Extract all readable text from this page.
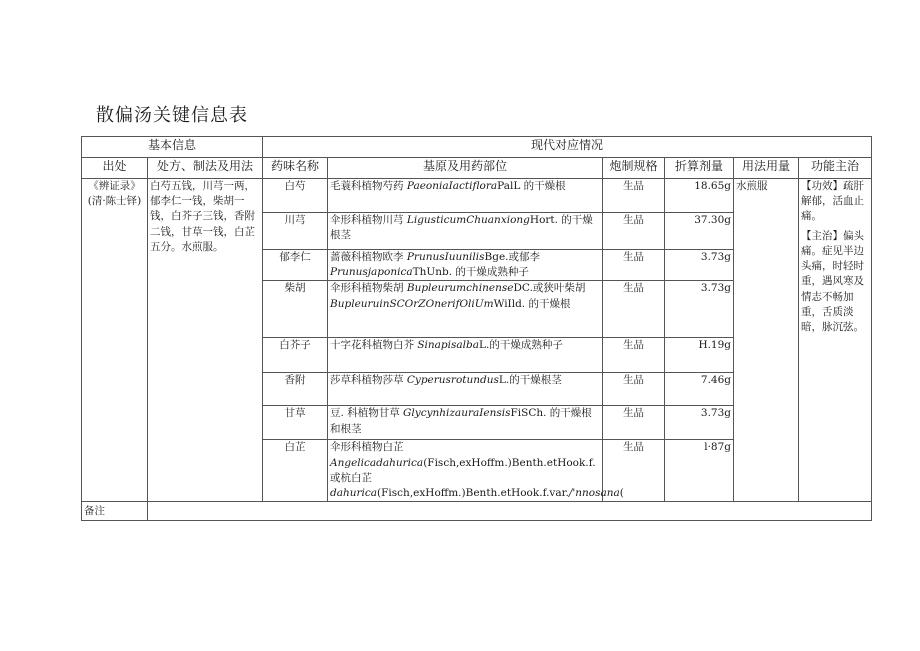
散偏汤关键信息表
基本信息		现代对应情况					
出处	处方、制法及用法	药味名称	基原及用药部位	炮制规格	折算剂量	用法用量	功能主治
《辨证录》(清·陈士铎)	白芍五钱，川芎一两，郁李仁一钱，柴胡一钱，白芥子三钱，香附二钱，甘草一钱，白芷五分。水煎服。	白芍	毛蓑科植物芍药 PaeoniaIactifloraPalL 的干燥根	生品	18.65g	水煎服	【功效】疏肝解郁，活血止痛。

【主治】偏头痛。症见半边头痛，时轻时重，遇风寒及情志不畅加重，舌质淡暗，脉沉弦。

		川芎	伞形科植物川芎 LigusticumChuanxiongHort. 的干燥根茎	生品	37.30g		
		郁李仁	蔷薇科植物欧李 PrunusIuunilisBge.或郁李 PrunusjaponicaThUnb. 的干燥成熟种子	生品	3.73g		
		柴胡	伞形科植物柴胡 BupleurumchinenseDC.或狭叶柴胡 BupleuruinSCOrZOnerifOliUmWiIld. 的干燥根	生品	3.73g		
		白芥子	十字花科植物白芥 SinapisalbaL.的干燥成熟种子	生品	H.19g		
		香附	莎草科植物莎草 CyperusrotundusL.的干燥根茎	生品	7.46g		
		甘草	豆. 科植物甘草 GlycynhizauraIensisFiSCh. 的干燥根和根茎	生品	3.73g		
		白芷	伞形科植物白芷 Angelicadahurica(Fisch,exHoffm.)Benth.etHook.f.或杭白芷 dahurica(Fisch,exHoffm.)Benth.etHook.f.var.∕'nnosana(	生品	l·87g		
备注							
